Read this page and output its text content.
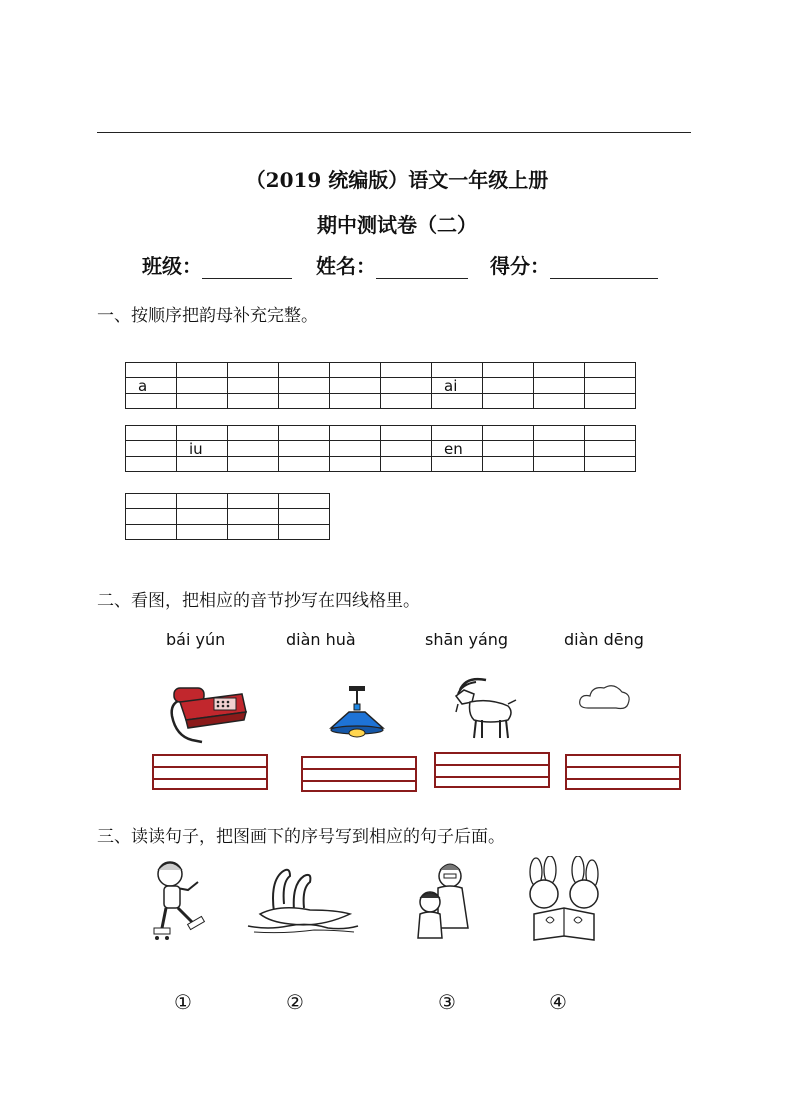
（2019 统编版）语文一年级上册
期中测试卷（二）
班级：	姓名：	得分：
一、按顺序把韵母补充完整。

a						ai			

	iu					en			

二、看图，把相应的音节抄写在四线格里。
bái yún	diàn huà	shān yáng	diàn dēng
三、读读句子，把图画下的序号写到相应的句子后面。
①	②	③	④
